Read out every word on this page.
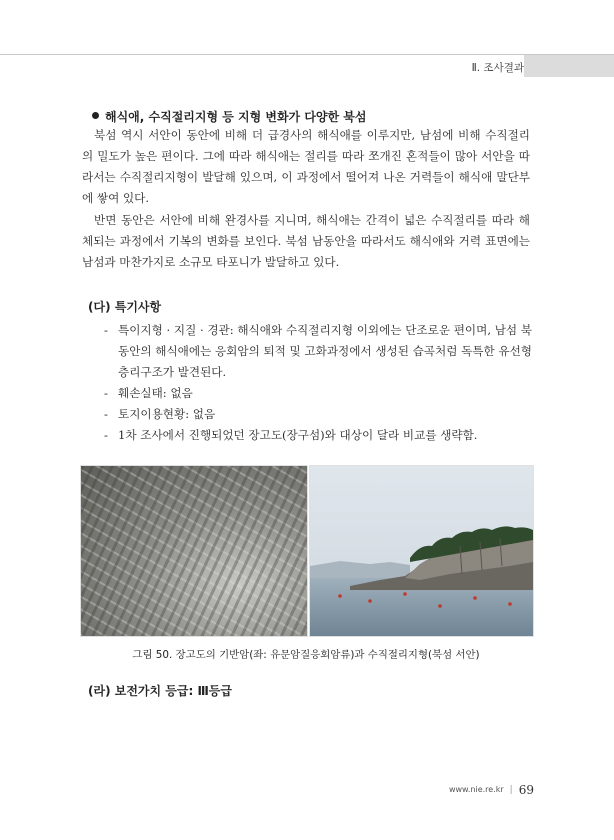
Ⅱ. 조사결과
해식애, 수직절리지형 등 지형 변화가 다양한 북섬

북섬 역시 서안이 동안에 비해 더 급경사의 해식애를 이루지만, 남섬에 비해 수직절리의 밀도가 높은 편이다. 그에 따라 해식애는 절리를 따라 쪼개진 혼적들이 많아 서안을 따라서는 수직절리지형이 발달해 있으며, 이 과정에서 떨어져 나온 거력들이 해식애 말단부에 쌓여 있다.

반면 동안은 서안에 비해 완경사를 지니며, 해식애는 간격이 넓은 수직절리를 따라 해체되는 과정에서 기복의 변화를 보인다. 북섬 남동안을 따라서도 해식애와 거력 표면에는 남섬과 마찬가지로 소규모 타포니가 발달하고 있다.

(다) 특기사항
- 특이지형 · 지질 · 경관: 해식애와 수직절리지형 이외에는 단조로운 편이며, 남섬 북동안의 해식애에는 응회암의 퇴적 및 고화과정에서 생성된 습곡처럼 독특한 유선형 층리구조가 발견된다.
- 훼손실태: 없음
- 토지이용현황: 없음
- 1차 조사에서 진행되었던 장고도(장구섬)와 대상이 달라 비교를 생략함.
그림 50. 장고도의 기반암(좌: 유문암질응회암류)과 수직절리지형(북섬 서안)
(라) 보전가치 등급: Ⅲ등급
www.nie.re.kr | 69
